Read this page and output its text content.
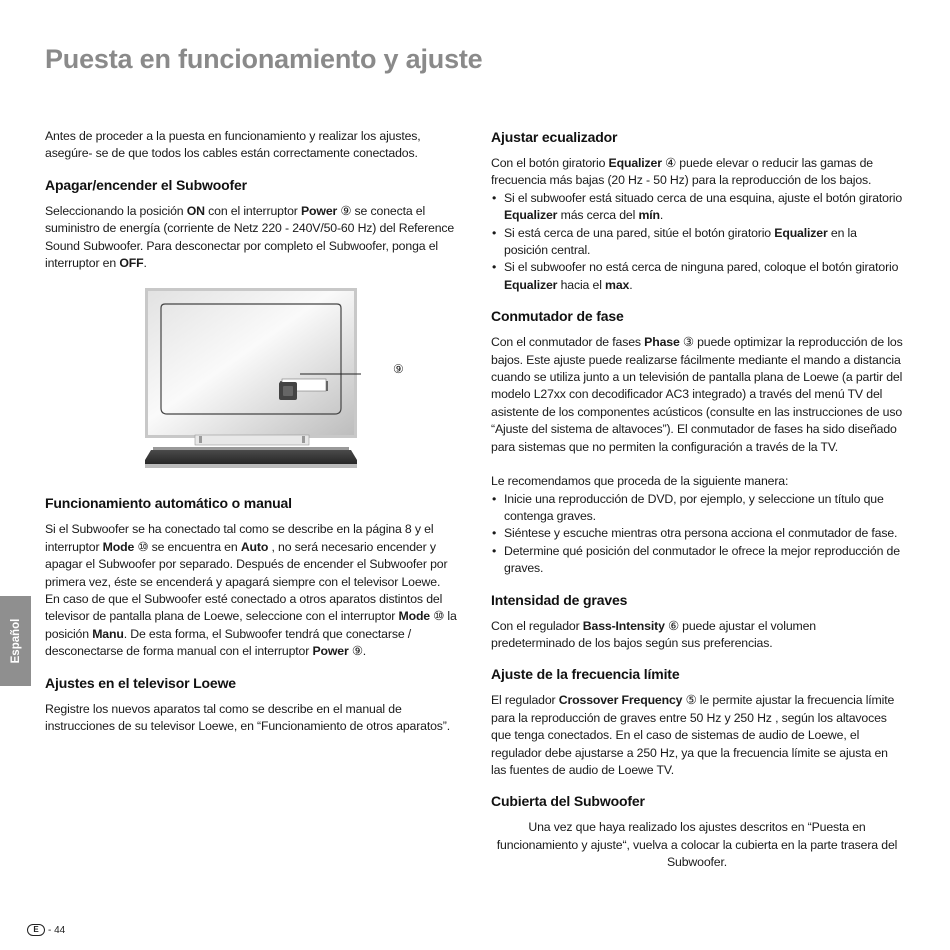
Puesta en funcionamiento y ajuste

Antes de proceder a la puesta en funcionamiento y realizar los ajustes, asegúre- se de que todos los cables están correctamente conectados.

Apagar/encender el Subwoofer

Seleccionando la posición ON con el interruptor Power ⑨ se conecta el suministro de energía (corriente de Netz 220 - 240V/50-60 Hz) del Reference Sound Subwoofer. Para desconectar por completo el Subwoofer, ponga el interruptor en OFF.

⑨
Funcionamiento automático o manual

Si el Subwoofer se ha conectado tal como se describe en la página 8 y el interruptor Mode ⑩ se encuentra en Auto , no será necesario encender y apagar el Subwoofer por separado. Después de encender el Subwoofer por primera vez, éste se encenderá y apagará siempre con el televisor Loewe.

En caso de que el Subwoofer esté conectado a otros aparatos distintos del televisor de pantalla plana de Loewe, seleccione con el interruptor Mode ⑩ la posición Manu. De esta forma, el Subwoofer tendrá que conectarse / desconectarse de forma manual con el interruptor Power ⑨.

Ajustes en el televisor Loewe

Registre los nuevos aparatos tal como se describe en el manual de instrucciones de su televisor Loewe, en “Funcionamiento de otros aparatos”.

Ajustar ecualizador

Con el botón giratorio Equalizer ④ puede elevar o reducir las gamas de frecuencia más bajas (20 Hz - 50 Hz) para la reproducción de los bajos.

• Si el subwoofer está situado cerca de una esquina, ajuste el botón giratorio Equalizer más cerca del mín.
• Si está cerca de una pared, sitúe el botón giratorio Equalizer en la posición central.
• Si el subwoofer no está cerca de ninguna pared, coloque el botón giratorio Equalizer hacia el max.
Conmutador de fase

Con el conmutador de fases Phase ③ puede optimizar la reproducción de los bajos. Este ajuste puede realizarse fácilmente mediante el mando a distancia cuando se utiliza junto a un televisión de pantalla plana de Loewe (a partir del modelo L27xx con decodificador AC3 integrado) a través del menú TV del asistente de los componentes acústicos (consulte en las instrucciones de uso “Ajuste del sistema de altavoces”). El conmutador de fases ha sido diseñado para sistemas que no permiten la configuración a través de la TV.

Le recomendamos que proceda de la siguiente manera:

• Inicie una reproducción de DVD, por ejemplo, y seleccione un título que contenga graves.
• Siéntese y escuche mientras otra persona acciona el conmutador de fase.
• Determine qué posición del conmutador le ofrece la mejor reproducción de graves.
Intensidad de graves

Con el regulador Bass-Intensity ⑥ puede ajustar el volumen predeterminado de los bajos según sus preferencias.

Ajuste de la frecuencia límite

El regulador Crossover Frequency ⑤ le permite ajustar la frecuencia límite para la reproducción de graves entre 50 Hz y 250 Hz , según los altavoces que tenga conectados. En el caso de sistemas de audio de Loewe, el regulador debe ajustarse a 250 Hz, ya que la frecuencia límite se ajusta en las fuentes de audio de Loewe TV.

Cubierta del Subwoofer

Una vez que haya realizado los ajustes descritos en “Puesta en funcionamiento y ajuste“, vuelva a colocar la cubierta en la parte trasera del Subwoofer.

Español
E - 44
